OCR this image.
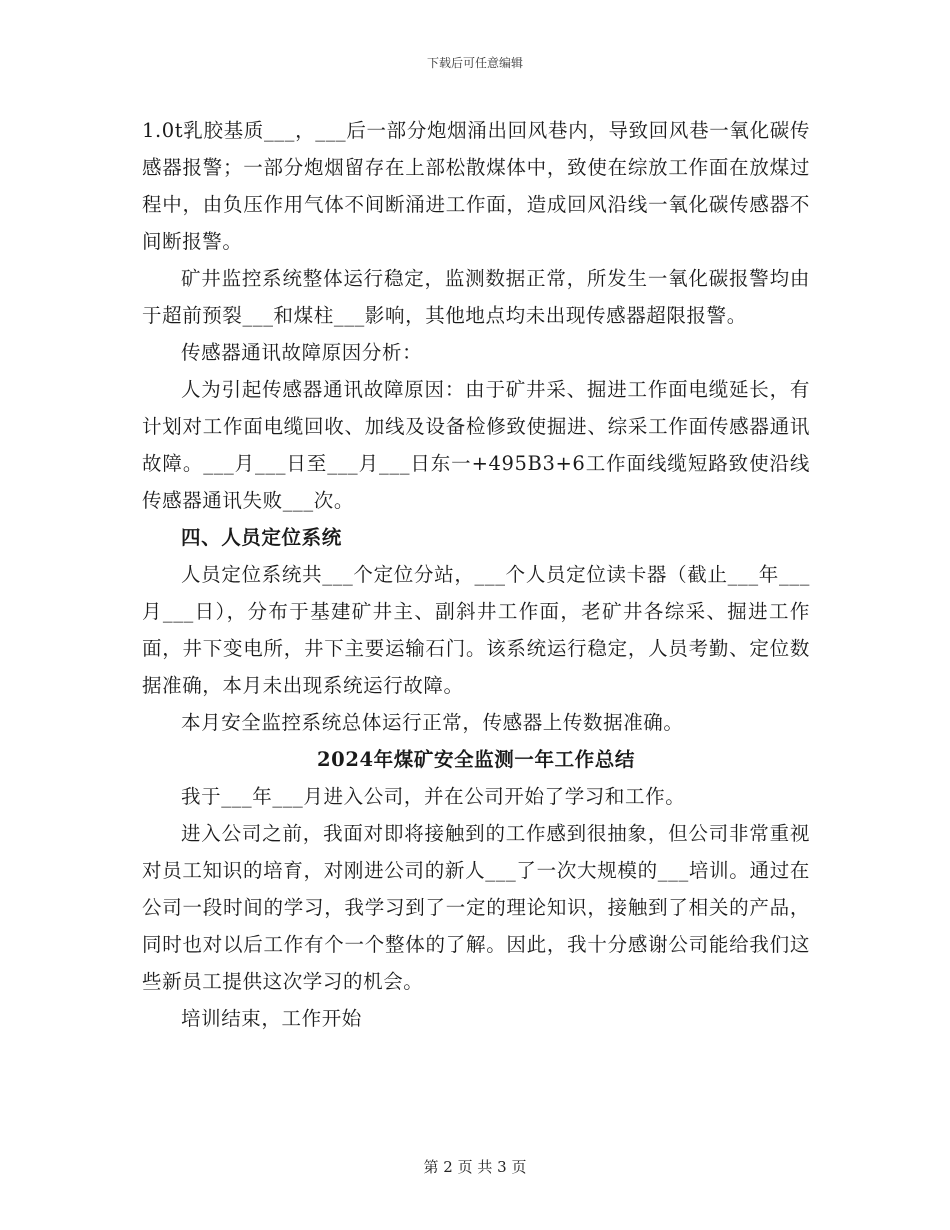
下载后可任意编辑

1.0t乳胶基质___，___后一部分炮烟涌出回风巷内，导致回风巷一氧化碳传感器报警；一部分炮烟留存在上部松散煤体中，致使在综放工作面在放煤过程中，由负压作用气体不间断涌进工作面，造成回风沿线一氧化碳传感器不间断报警。

矿井监控系统整体运行稳定，监测数据正常，所发生一氧化碳报警均由于超前预裂___和煤柱___影响，其他地点均未出现传感器超限报警。

传感器通讯故障原因分析：

人为引起传感器通讯故障原因：由于矿井采、掘进工作面电缆延长，有计划对工作面电缆回收、加线及设备检修致使掘进、综采工作面传感器通讯故障。___月___日至___月___日东一+495B3+6工作面线缆短路致使沿线传感器通讯失败___次。

四、人员定位系统

人员定位系统共___个定位分站，___个人员定位读卡器（截止___年___月___日），分布于基建矿井主、副斜井工作面，老矿井各综采、掘进工作面，井下变电所，井下主要运输石门。该系统运行稳定，人员考勤、定位数据准确，本月未出现系统运行故障。

本月安全监控系统总体运行正常，传感器上传数据准确。

2024年煤矿安全监测一年工作总结

我于___年___月进入公司，并在公司开始了学习和工作。

进入公司之前，我面对即将接触到的工作感到很抽象，但公司非常重视对员工知识的培育，对刚进公司的新人___了一次大规模的___培训。通过在公司一段时间的学习，我学习到了一定的理论知识，接触到了相关的产品，同时也对以后工作有个一个整体的了解。因此，我十分感谢公司能给我们这些新员工提供这次学习的机会。

培训结束，工作开始

第 2 页 共 3 页
